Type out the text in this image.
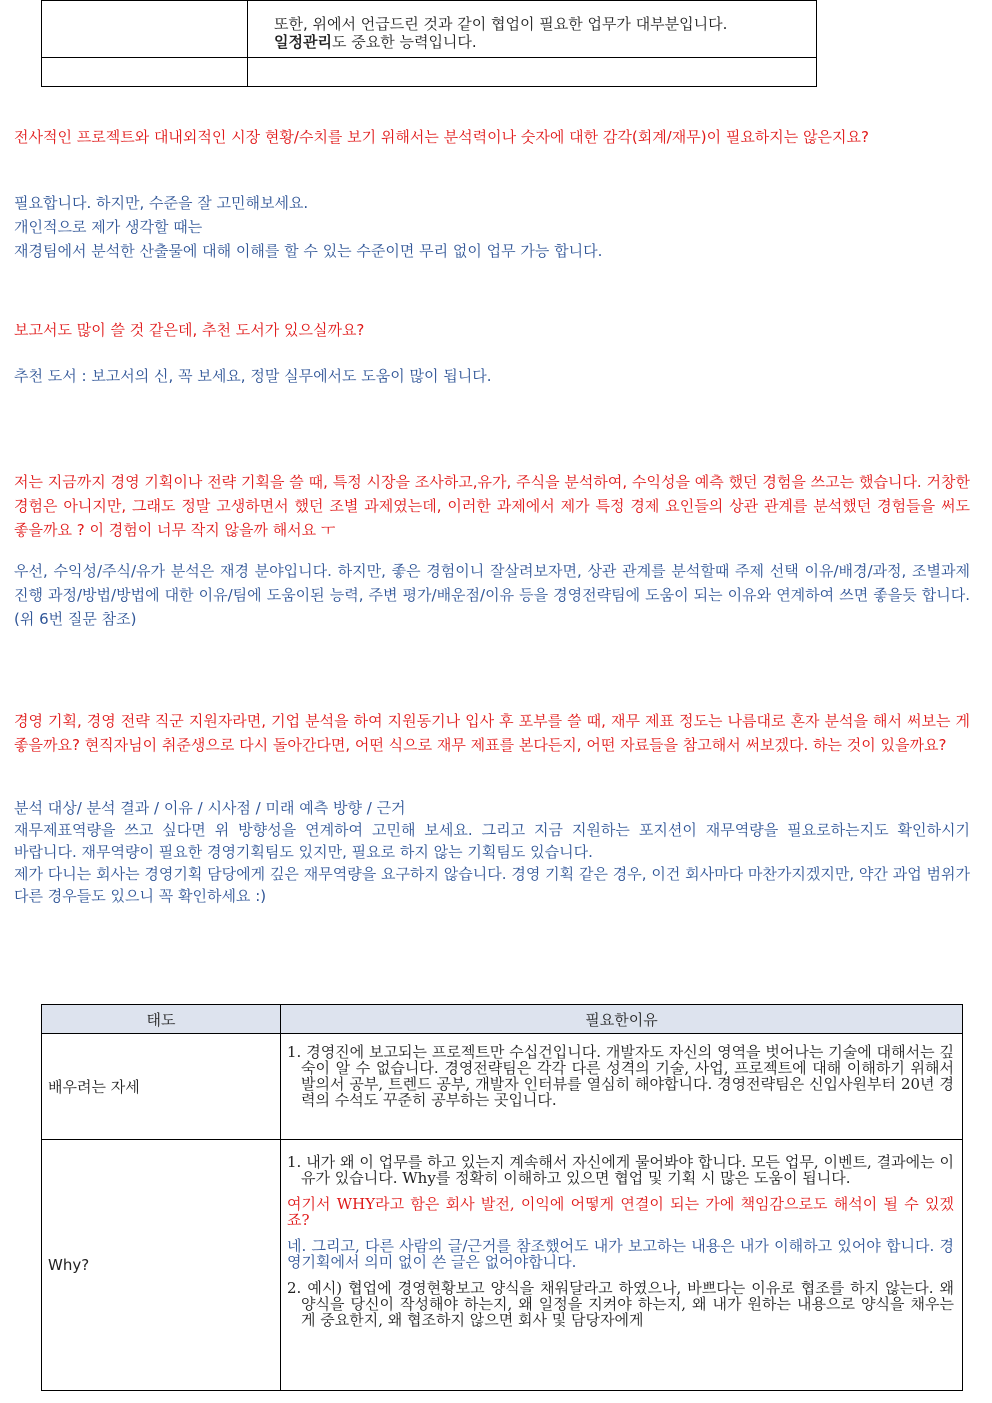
	또한, 위에서 언급드린 것과 같이 협업이 필요한 업무가 대부분입니다.
일정관리도 중요한 능력입니다.

전사적인 프로젝트와 대내외적인 시장 현황/수치를 보기 위해서는 분석력이나 숫자에 대한 감각(회계/재무)이 필요하지는 않은지요?

필요합니다. 하지만, 수준을 잘 고민해보세요.
개인적으로 제가 생각할 때는
재경팀에서 분석한 산출물에 대해 이해를 할 수 있는 수준이면 무리 없이 업무 가능 합니다.

보고서도 많이 쓸 것 같은데, 추천 도서가 있으실까요?

추천 도서 : 보고서의 신, 꼭 보세요, 정말 실무에서도 도움이 많이 됩니다.

저는 지금까지 경영 기획이나 전략 기획을 쓸 때, 특정 시장을 조사하고,유가, 주식을 분석하여, 수익성을 예측 했던 경험을 쓰고는 했습니다. 거창한 경험은 아니지만, 그래도 정말 고생하면서 했던 조별 과제였는데, 이러한 과제에서 제가 특정 경제 요인들의 상관 관계를 분석했던 경험들을 써도 좋을까요 ? 이 경험이 너무 작지 않을까 해서요 ㅜ

우선, 수익성/주식/유가 분석은 재경 분야입니다. 하지만, 좋은 경험이니 잘살려보자면, 상관 관계를 분석할때 주제 선택 이유/배경/과정, 조별과제 진행 과정/방법/방법에 대한 이유/팀에 도움이된 능력, 주변 평가/배운점/이유 등을 경영전략팀에 도움이 되는 이유와 연계하여 쓰면 좋을듯 합니다. (위 6번 질문 참조)

경영 기획, 경영 전략 직군 지원자라면, 기업 분석을 하여 지원동기나 입사 후 포부를 쓸 때, 재무 제표 정도는 나름대로 혼자 분석을 해서 써보는 게 좋을까요? 현직자님이 취준생으로 다시 돌아간다면, 어떤 식으로 재무 제표를 본다든지, 어떤 자료들을 참고해서 써보겠다. 하는 것이 있을까요?

분석 대상/ 분석 결과 / 이유 / 시사점 / 미래 예측 방향 / 근거
재무제표역량을 쓰고 싶다면 위 방향성을 연계하여 고민해 보세요. 그리고 지금 지원하는 포지션이 재무역량을 필요로하는지도 확인하시기 바랍니다. 재무역량이 필요한 경영기획팀도 있지만, 필요로 하지 않는 기획팀도 있습니다.
제가 다니는 회사는 경영기획 담당에게 깊은 재무역량을 요구하지 않습니다. 경영 기획 같은 경우, 이건 회사마다 마찬가지겠지만, 약간 과업 범위가 다른 경우들도 있으니 꼭 확인하세요 :)
태도	필요한이유
배우려는 자세	1. 경영진에 보고되는 프로젝트만 수십건입니다. 개발자도 자신의 영역을 벗어나는 기술에 대해서는 깊숙이 알 수 없습니다. 경영전략팀은 각각 다른 성격의 기술, 사업, 프로젝트에 대해 이해하기 위해서 발의서 공부, 트렌드 공부, 개발자 인터뷰를 열심히 해야합니다. 경영전략팀은 신입사원부터 20년 경력의 수석도 꾸준히 공부하는 곳입니다.

Why?	1. 내가 왜 이 업무를 하고 있는지 계속해서 자신에게 물어봐야 합니다. 모든 업무, 이벤트, 결과에는 이유가 있습니다. Why를 정확히 이해하고 있으면 협업 및 기획 시 많은 도움이 됩니다.

여기서 WHY라고 함은 회사 발전, 이익에 어떻게 연결이 되는 가에 책임감으로도 해석이 될 수 있겠죠?

네. 그리고, 다른 사람의 글/근거를 참조했어도 내가 보고하는 내용은 내가 이해하고 있어야 합니다. 경영기획에서 의미 없이 쓴 글은 없어야합니다.

2. 예시) 협업에 경영현황보고 양식을 채워달라고 하였으나, 바쁘다는 이유로 협조를 하지 않는다. 왜 양식을 당신이 작성해야 하는지, 왜 일정을 지켜야 하는지, 왜 내가 원하는 내용으로 양식을 채우는 게 중요한지, 왜 협조하지 않으면 회사 및 담당자에게
